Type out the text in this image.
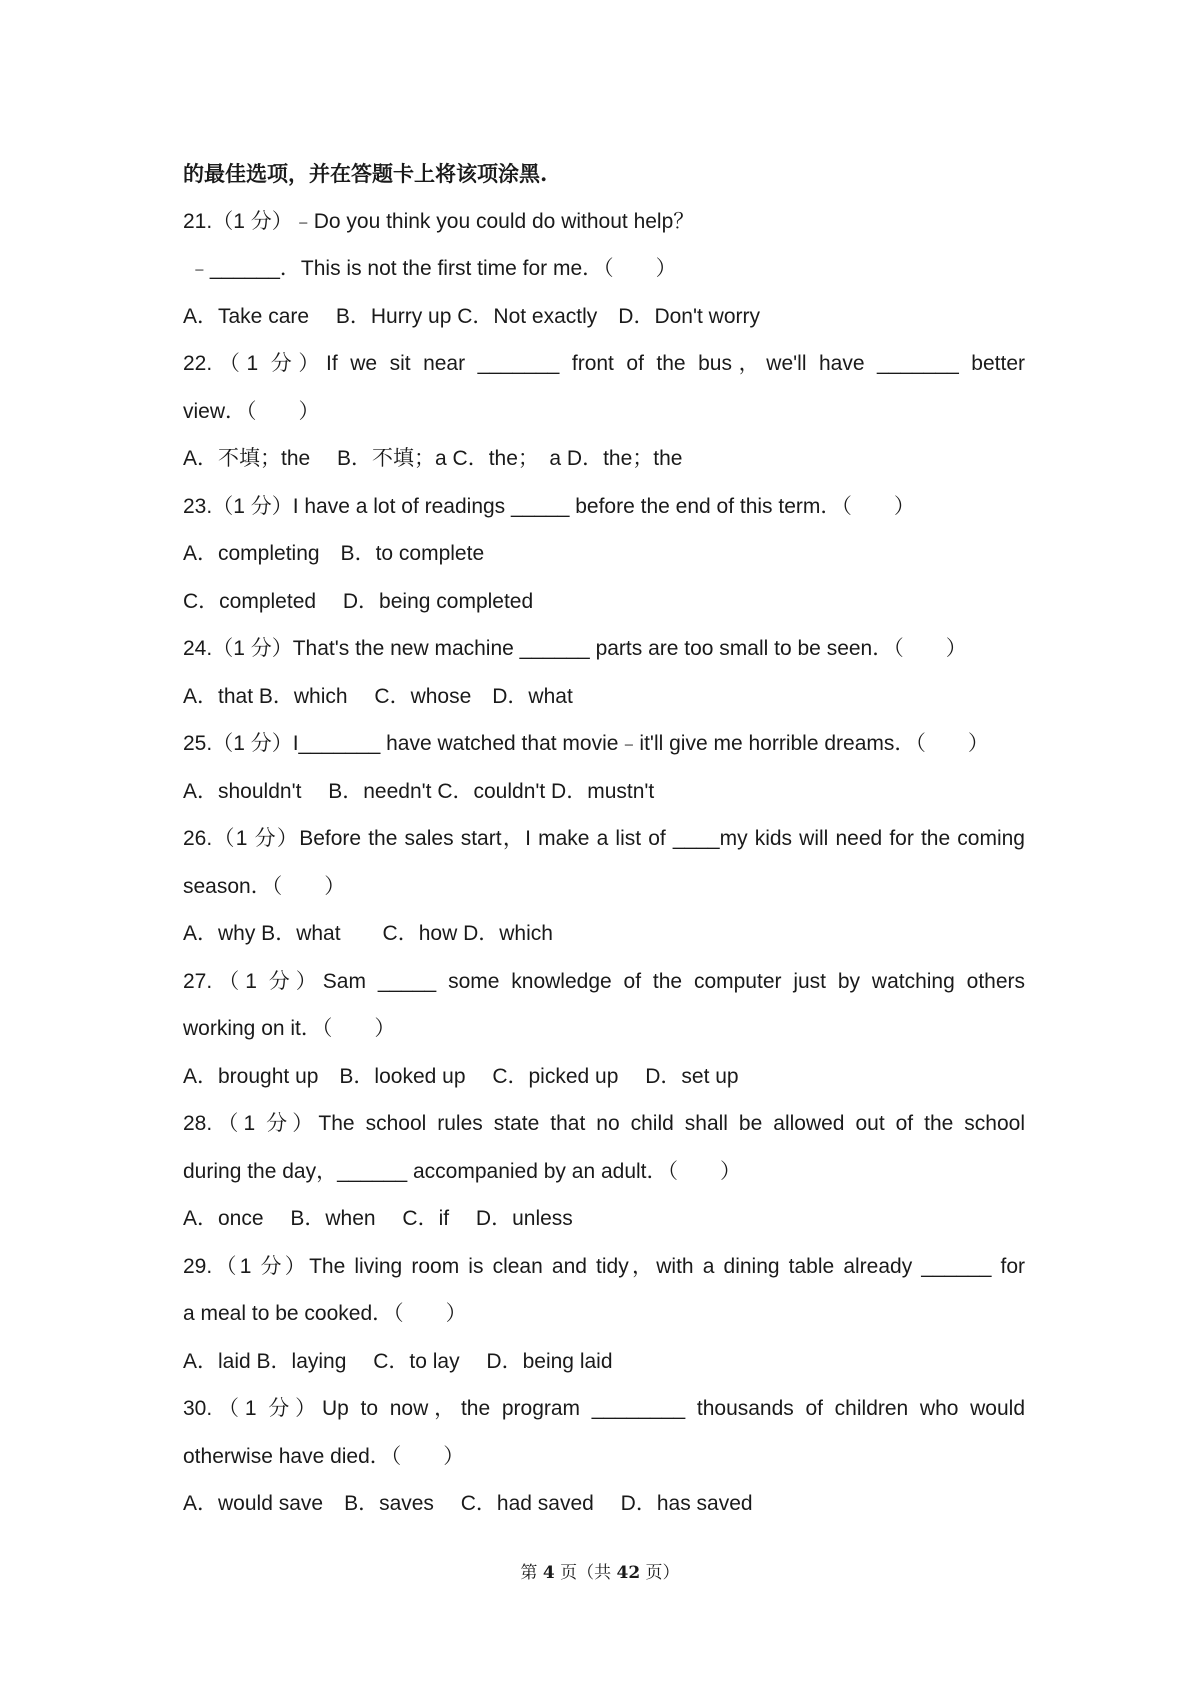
的最佳选项，并在答题卡上将该项涂黑.
21.（1 分）﹣Do you think you could do without help？
﹣______．This is not the first time for me．（　　）
A．Take care　 B．Hurry up C．Not exactly　D．Don't worry
22.（1 分）If we sit near _______ front of the bus，we'll have _______ better
view．（　　）
A．不填；the　 B．不填；a C．the；　a D．the；the
23.（1 分）I have a lot of readings _____ before the end of this term．（　　）
A．completing　B．to complete
C．completed　 D．being completed
24.（1 分）That's the new machine ______ parts are too small to be seen．（　　）
A．that B．which　 C．whose　D．what
25.（1 分）I_______ have watched that movie﹣it'll give me horrible dreams．（　　）
A．shouldn't　 B．needn't C．couldn't D．mustn't
26.（1 分）Before the sales start，I make a list of ____my kids will need for the coming
season．（　　）
A．why B．what　　C．how D．which
27.（1 分）Sam _____ some knowledge of the computer just by watching others
working on it．（　　）
A．brought up　B．looked up　 C．picked up　 D．set up
28.（1 分）The school rules state that no child shall be allowed out of the school
during the day，______ accompanied by an adult．（　　）
A．once　 B．when　 C．if　 D．unless
29.（1 分）The living room is clean and tidy，with a dining table already ______ for
a meal to be cooked．（　　）
A．laid B．laying　 C．to lay　 D．being laid
30.（1 分）Up to now，the program ________ thousands of children who would
otherwise have died．（　　）
A．would save　B．saves　 C．had saved　 D．has saved
第 4 页（共 42 页）
